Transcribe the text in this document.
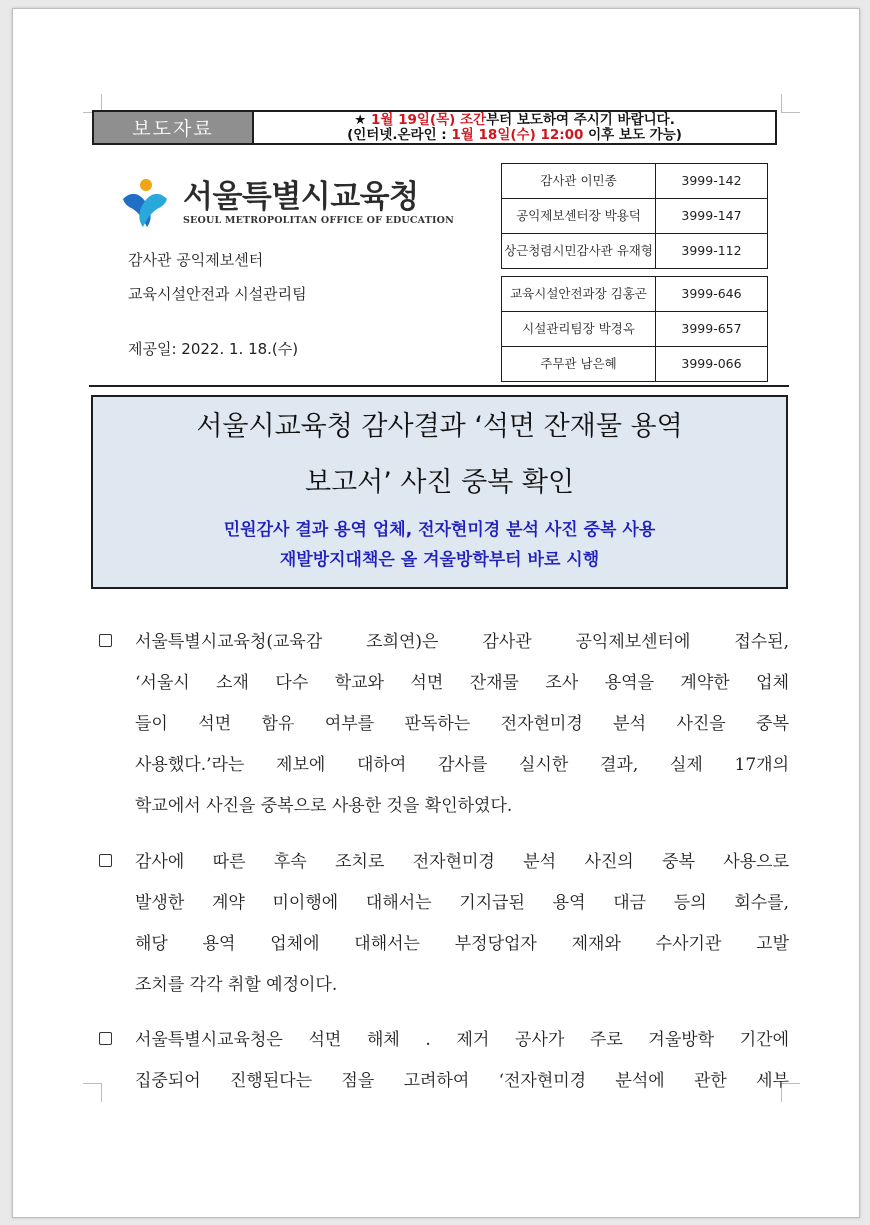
보도자료	★ 1월 19일(목) 조간부터 보도하여 주시기 바랍니다.
(인터넷.온라인 : 1월 18일(수) 12:00 이후 보도 가능)
서울특별시교육청
SEOUL METROPOLITAN OFFICE OF EDUCATION
감사관 공익제보센터
교육시설안전과 시설관리팀
제공일: 2022. 1. 18.(수)
감사관 이민종	3999-142
공익제보센터장 박용덕	3999-147
상근청렴시민감사관 유재형	3999-112
교육시설안전과장 김홍곤	3999-646
시설관리팀장 박경옥	3999-657
주무관 남은혜	3999-066
서울시교육청 감사결과 ‘석면 잔재물 용역
보고서’ 사진 중복 확인
민원감사 결과 용역 업체, 전자현미경 분석 사진 중복 사용
재발방지대책은 올 겨울방학부터 바로 시행
서울특별시교육청(교육감 조희연)은 감사관 공익제보센터에 접수된,
‘서울시 소재 다수 학교와 석면 잔재물 조사 용역을 계약한 업체
들이 석면 함유 여부를 판독하는 전자현미경 분석 사진을 중복
사용했다.’라는 제보에 대하여 감사를 실시한 결과, 실제 17개의
학교에서 사진을 중복으로 사용한 것을 확인하였다.
감사에 따른 후속 조치로 전자현미경 분석 사진의 중복 사용으로
발생한 계약 미이행에 대해서는 기지급된 용역 대금 등의 회수를,
해당 용역 업체에 대해서는 부정당업자 제재와 수사기관 고발
조치를 각각 취할 예정이다.
서울특별시교육청은 석면 해체 . 제거 공사가 주로 겨울방학 기간에
집중되어 진행된다는 점을 고려하여 ‘전자현미경 분석에 관한 세부
